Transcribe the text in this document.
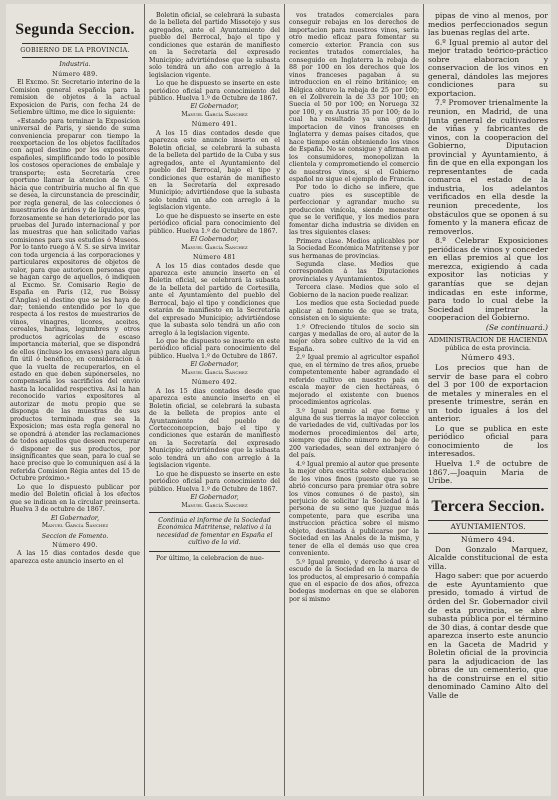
Segunda Seccion.
GOBIERNO DE LA PROVINCIA.

Industria.

Número 489.

El Excmo. Sr. Secretario interino de la Comision general española para la remision de objetos á la actual Exposicion de Paris, con fecha 24 de Setiembre último, me dice lo siguiente:

«Estando para terminar la Exposicion universal de Paris, y siendo de suma conveniencia preparar con tiempo la reexportacion de los objetos facilitados con aquel destino por los expositores españoles, simplificando todo lo posible los costosos operaciones de embalaje y transporte; esta Secretaría cree oportuno llamar la atencion de V. S. hácia que contribuiría mucho al fin que se desea, la circunstancia de prescindir, por regla general, de las colecciones ó muestrarios de áridos y de líquidos, que forzosamente se han deteriorado por las pruebas del Jurado internacional y por las muestras que han solicitado varias comisiones para sus estudios ó Museos. Por lo tanto ruego á V. S. se sirva invitar con toda urgencia á las corporaciones y particulares expositores de objetos de valor, para que autoricen personas que se hagan cargo de aquellos, ó indiquen al Excmo. Sr. Comisario Regio de España en Paris (12, rue Boissy d'Anglas) el destino que se les haya de dar; teniendo entendido por lo que respecta á los restos de muestrarios de vinos, vinagres, licores, aceites, cereales, harinas, legumbres y otros productos agrícolas de escaso importancia material, que se dispondrá de ellos (incluso los envases) para algun fin útil ó benéfico, en consideracion á que la vuelta de recuperarlos, en el estado en que deben supónerseles, no compensaría los sacrificios del envio hasta la localidad respectiva. Así la han reconocido varios expositores al autorizar de motu propio que se disponga de las muestras de sus productos terminada que sea la Exposicion; mas esta regla general no se opondrá á atender las reclamaciones de todos aquellos que deseen recuperar ó disponer de sus productos, por insignificantes que sean, para lo cual se hace preciso que lo comuniquen así á la referida Comision Régia antes del 15 de Octubre próximo.»

Lo que lo dispuesto publicar por medio del Boletin oficial á los efectos que se indican en la circular preinserta. Huelva 3 de octubre de 1867.

El Gobernador,

Manuel García Sanchez

Seccion de Fomento.

Número 490.

A las 15 dias contados desde que aparezca este anuncio inserto en el

Boletin oficial, se celebrará la subasta de la belleta del partido Missotejo y sus agregados, ante el Ayuntamiento del pueblo del Berrocal, bajo el tipo y condiciones que estarán de manifiesto en la Secretaría del expresado Municipio; advirtiéndose que la subasta solo tendrá un año con arreglo á la legislacion vigente.

Lo que he dispuesto se inserte en este periódico oficial para conocimiento del público. Huelva 1.º de Octubre de 1867.

El Gobernador,

Manuel García Sanchez

Número 491.

A los 15 dias contados desde que aparezca este anuncio inserto en el Boletin oficial, se celebrará la subasta de la belleta del partido de la Cuba y sus agregados, ante el Ayuntamiento del pueblo del Berrocal, bajo el tipo y condiciones que estarán de manifiesto en la Secretaría del expresado Municipio; advirtiéndose que la subasta solo tendrá un año con arreglo á la legislacion vigente.

Lo que he dispuesto se inserte en este periódico oficial para conocimiento del público. Huelva 1.º de Octubre de 1867.

El Gobernador,

Manuel García Sanchez

Número 481

A los 15 dias contados desde que aparezca este anuncio inserto en el Boletin oficial, se celebrará la subasta de la belleta del partido de Cortesilla, ante el Ayuntamiento del pueblo del Berrocal, bajo el tipo y condiciones que estarán de manifiesto en la Secretaría del expresado Municipio; advirtiéndose que la subasta solo tendrá un año con arreglo á la legislacion vigente.

Lo que he dispuesto se inserte en este periódico oficial para conocimiento del público. Huelva 1.º de Octubre de 1867.

El Gobernador,

Manuel García Sanchez

Número 492.

A los 15 dias contados desde que aparezca este anuncio inserto en el Boletin oficial, se celebrará la subasta de la belleta de propios ante el Ayuntamiento del pueblo de Cortecconcepcion, bajo el tipo y condiciones que estarán de manifiesto en la Secretaría del expresado Municipio; advirtiéndose que la subasta solo tendrá un año con arreglo á la legislacion vigente.

Lo que he dispuesto se inserte en este periódico oficial para conocimiento del público. Huelva 1.º de Octubre de 1867.

El Gobernador,

Manuel García Sanchez

Continúa el informe de la Sociedad Económica Matritense, relativo á la necesidad de fomentar en España el cultivo de la vid.

Por último, la celebracion de nue-

vos tratados comerciales para conseguir rebajas en los derechos de importacion para nuestros vinos, seria otro medio eficaz para fomentar su comercio exterior. Francia con sus recientes tratados comerciales, ha conseguido en Inglaterra la rebaja de 88 por 100 en los derechos que los vinos franceses pagaban á su introduccion en el reino británico; en Bélgica obtuvo la rebaja de 25 por 100; en el Zollverein la de 33 por 100; en Suecia el 50 por 100; en Noruega 32 por 100, y en Austria 35 por 100; de lo cual ha resultado ya una grande importacion de vinos franceses en Inglaterra y demas países citados, que hace tiempo están obteniendo los vinos de España. No se consigue y afirman en los consumidores, monopolizan la clientela y comprometiendo el comercio de nuestros vinos, si el Gobierno español no sigue el ejemplo de Francia.

Por todo lo dicho se infiere, que cuatro pies es susceptible de perfeccionar y agrandar mucho su produccion vinícola, siendo menester que se le verifique, y los medios para fomentar dicha industria se dividen en las tres siguientes clases:

Primera clase. Medios aplicables por la Sociedad Económica Matritense y por sus hermanas de provincias.

Segunda clase. Medios que corresponden á las Diputaciones provinciales y Ayuntamientos.

Tercera clase. Medios que solo el Gobierno de la nacion puede realizar.

Los medios que esta Sociedad puede aplicar al fomento de que se trata, consisten en lo siguiente:

1.º Ofreciendo títulos de socio sin cargas y medallas de oro, al autor de la mejor obra sobre cultivo de la vid en España.

2.º Igual premio al agricultor español que, en el término de tres años, pruebe competentemente haber agrandado el referido cultivo en nuestro país en escala mayor de cien hectáreas, ó mejorado el existente con buenos procedimientos agrícolas.

3.º Igual premio al que forme y alguna de sus tierras la mayor coleccion de variedades de vid, cultivadas por los modernos procedimientos del arte, siempre que dicho número no baje de 200 variedades, sean del extranjero ó del país.

4.º Igual premio al autor que presente la mejor obra escrita sobre elaboracion de los vinos finos (puesto que ya se abrió concurso para premiar otra sobre los vinos comunes ó de pasto), sin perjuicio de solicitar la Sociedad á la persona de su seno que juzgue más competente, para que escriba una instruccion práctica sobre el mismo objeto, destinada á publicarse por la Sociedad en las Anales de la misma, y tener de ella el demás uso que crea conveniente.

5.º Igual premio, y derecho á usar el escudo de la Sociedad en la marca de los productos, al empresario ó compañía que en el espacio de dos años, ofrezca bodegas modernas en que se elaboren por sí mismo

pipas de vino al menos, por medios perfeccionados segun las buenas reglas del arte.

6.º Igual premio al autor del mejor tratado teórico-práctico sobre elaboracion y conservacion de los vinos en general, dándoles las mejores condiciones para su exportacion.

7.º Promover trienalmente la reunion, en Madrid, de una Junta general de cultivadores de viñas y fabricantes de vinos, con la cooperacion del Gobierno, Diputacion provincial y Ayuntamiento, á fin de que en ella expongan los representantes de cada comarca el estado de la industria, los adelantos verificados en ella desde la reunion precedente, los obstáculos que se oponen á su fomento y la manera eficaz de removerlos.

8.º Celebrar Exposiciones periódicas de vinos y conceder en ellas premios al que los merezca, exigiendo á cada expositor las noticias y garantías que se dejan indicadas en este informe, para todo lo cual debe la Sociedad impetrar la cooperacion del Gobierno.

(Se continuará.)

ADMINISTRACION DE HACIENDA pública de esta provincia.

Número 493.

Los precios que han de servir de base para el cobro del 3 por 100 de exportacion de metales y minerales en el presente trimestre, serán en un todo iguales á los del anterior.

Lo que se publica en este periódico oficial para conocimiento de los interesados.

Huelva 1.º de octubre de 1867.—Joaquin Maria de Uribe.

Tercera Seccion.

AYUNTAMIENTOS.

Número 494.

Don Gonzalo Marquez, Alcalde constitucional de esta villa.

Hago saber: que por acuerdo de este Ayuntamiento que presido, tomado á virtud de órden del Sr. Gobernador civil de esta provincia, se abre subasta pública por el término de 30 dias, á contar desde que aparezca inserto este anuncio en la Gaceta de Madrid y Boletin oficial de la provincia para la adjudicacion de las obras de un cementerio, que ha de construirse en el sitio denominado Camino Alto del Valle de
